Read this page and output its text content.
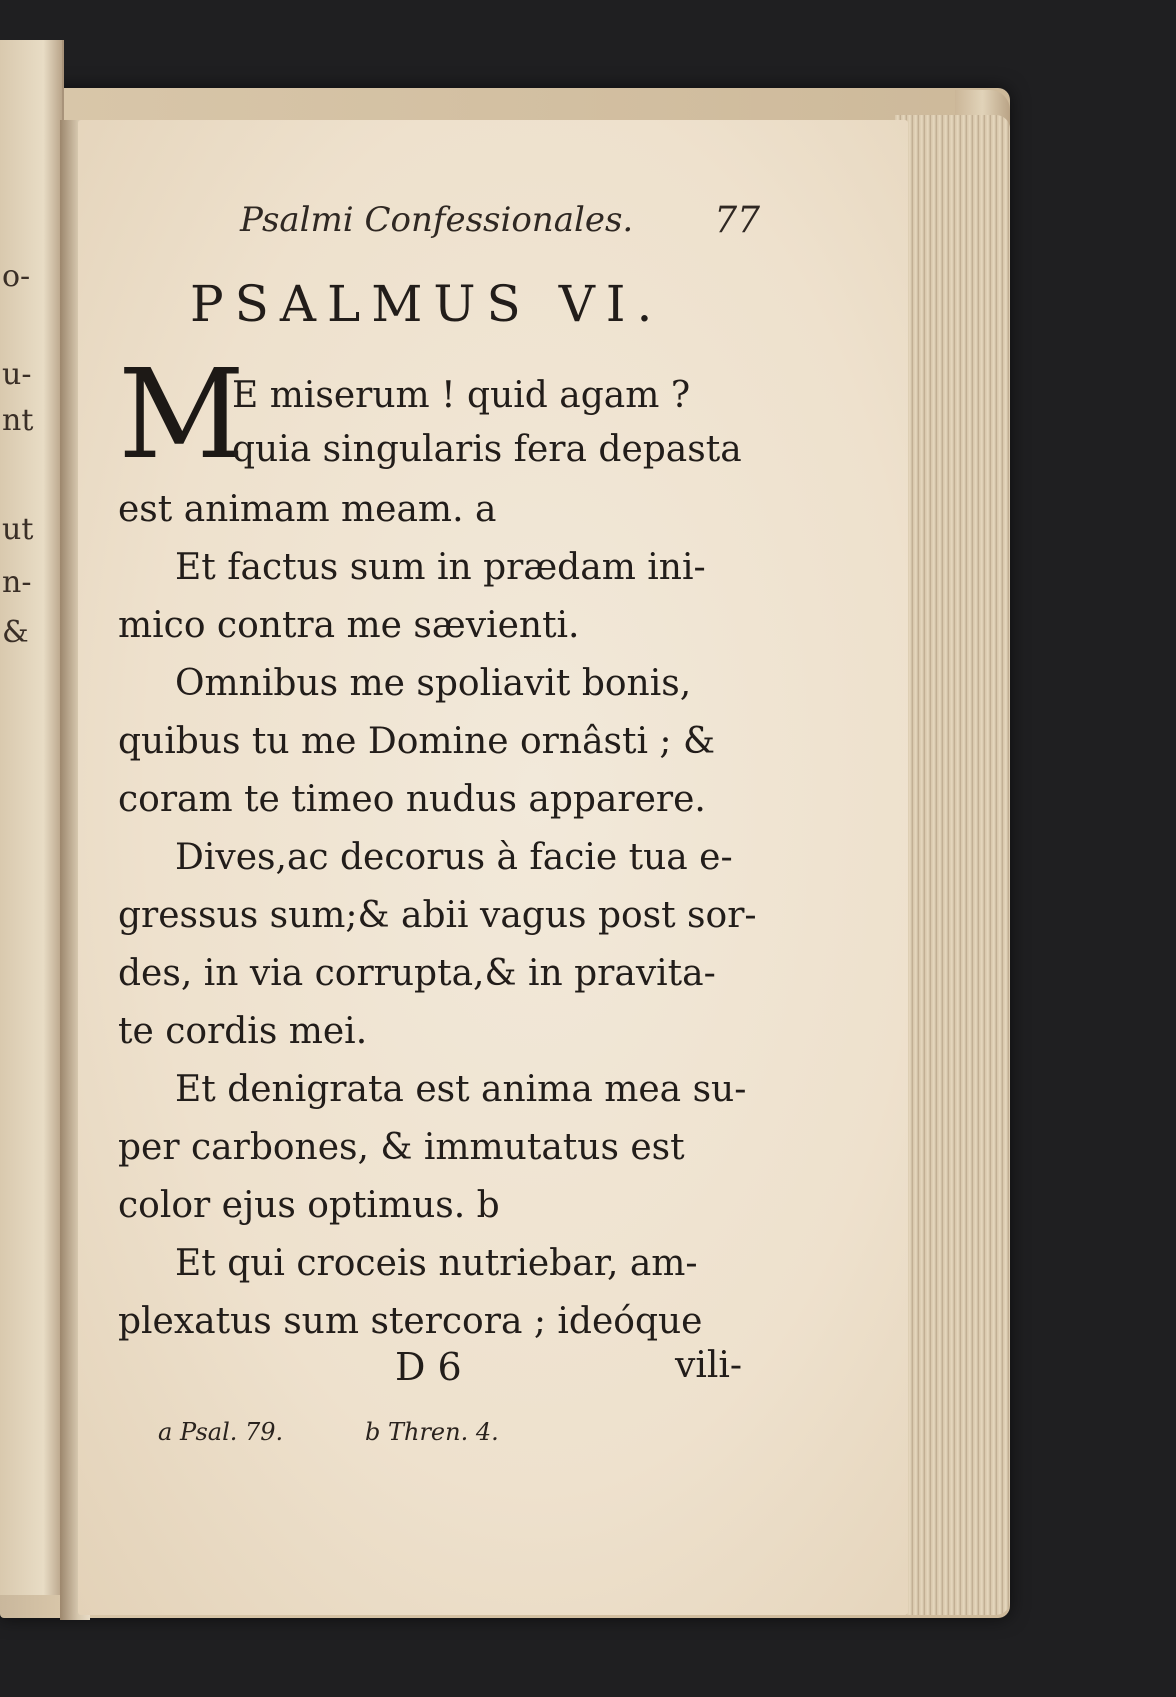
o-
u-
nt
ut
n-
&
Psalmi Confessionales.	77
PSALMUS VI.
M
E miserum ! quid agam ?
quia singularis fera depasta
est animam meam. a
Et factus sum in prædam ini-
mico contra me sævienti.
Omnibus me spoliavit bonis,
quibus tu me Domine ornâsti ; &
coram te timeo nudus apparere.
Dives,ac decorus à facie tua e-
gressus sum;& abii vagus post sor-
des, in via corrupta,& in pravita-
te cordis mei.
Et denigrata est anima mea su-
per carbones, & immutatus est
color ejus optimus. b
Et qui croceis nutriebar, am-
plexatus sum stercora ; ideóque
D 6	vili-
a Psal. 79.	b Thren. 4.
